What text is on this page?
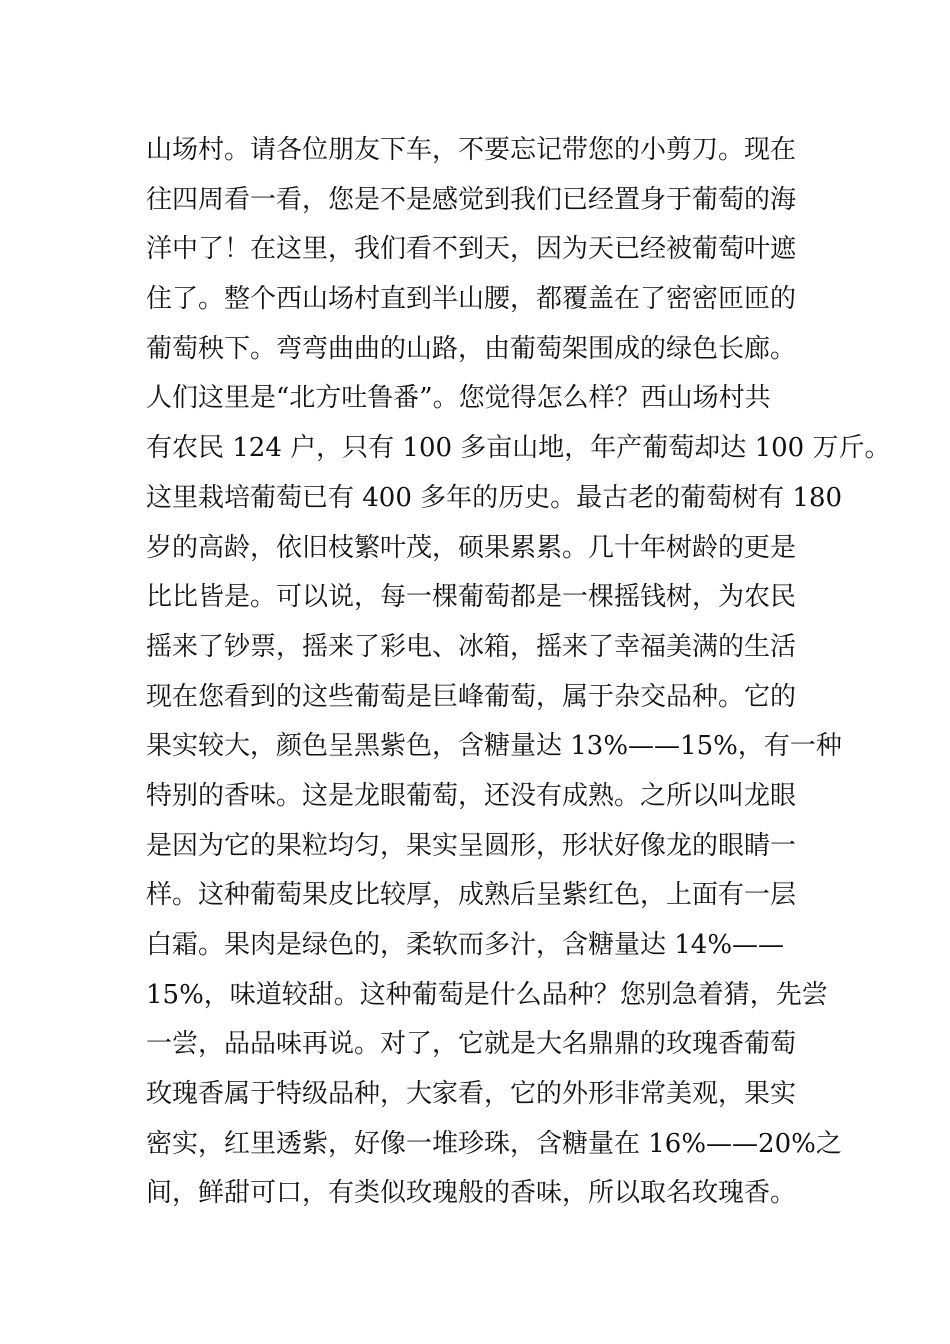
山场村。请各位朋友下车，不要忘记带您的小剪刀。现在
往四周看一看，您是不是感觉到我们已经置身于葡萄的海
洋中了！在这里，我们看不到天，因为天已经被葡萄叶遮
住了。整个西山场村直到半山腰，都覆盖在了密密匝匝的
葡萄秧下。弯弯曲曲的山路，由葡萄架围成的绿色长廊。
人们这里是“北方吐鲁番”。您觉得怎么样？西山场村共
有农民 124 户，只有 100 多亩山地，年产葡萄却达 100 万斤。
这里栽培葡萄已有 400 多年的历史。最古老的葡萄树有 180
岁的高龄，依旧枝繁叶茂，硕果累累。几十年树龄的更是
比比皆是。可以说，每一棵葡萄都是一棵摇钱树，为农民
摇来了钞票，摇来了彩电、冰箱，摇来了幸福美满的生活
现在您看到的这些葡萄是巨峰葡萄，属于杂交品种。它的
果实较大，颜色呈黑紫色，含糖量达 13%——15%，有一种
特别的香味。这是龙眼葡萄，还没有成熟。之所以叫龙眼
是因为它的果粒均匀，果实呈圆形，形状好像龙的眼睛一
样。这种葡萄果皮比较厚，成熟后呈紫红色，上面有一层
白霜。果肉是绿色的，柔软而多汁，含糖量达 14%——
15%，味道较甜。这种葡萄是什么品种？您别急着猜，先尝
一尝，品品味再说。对了，它就是大名鼎鼎的玫瑰香葡萄
玫瑰香属于特级品种，大家看，它的外形非常美观，果实
密实，红里透紫，好像一堆珍珠，含糖量在 16%——20%之
间，鲜甜可口，有类似玫瑰般的香味，所以取名玫瑰香。
